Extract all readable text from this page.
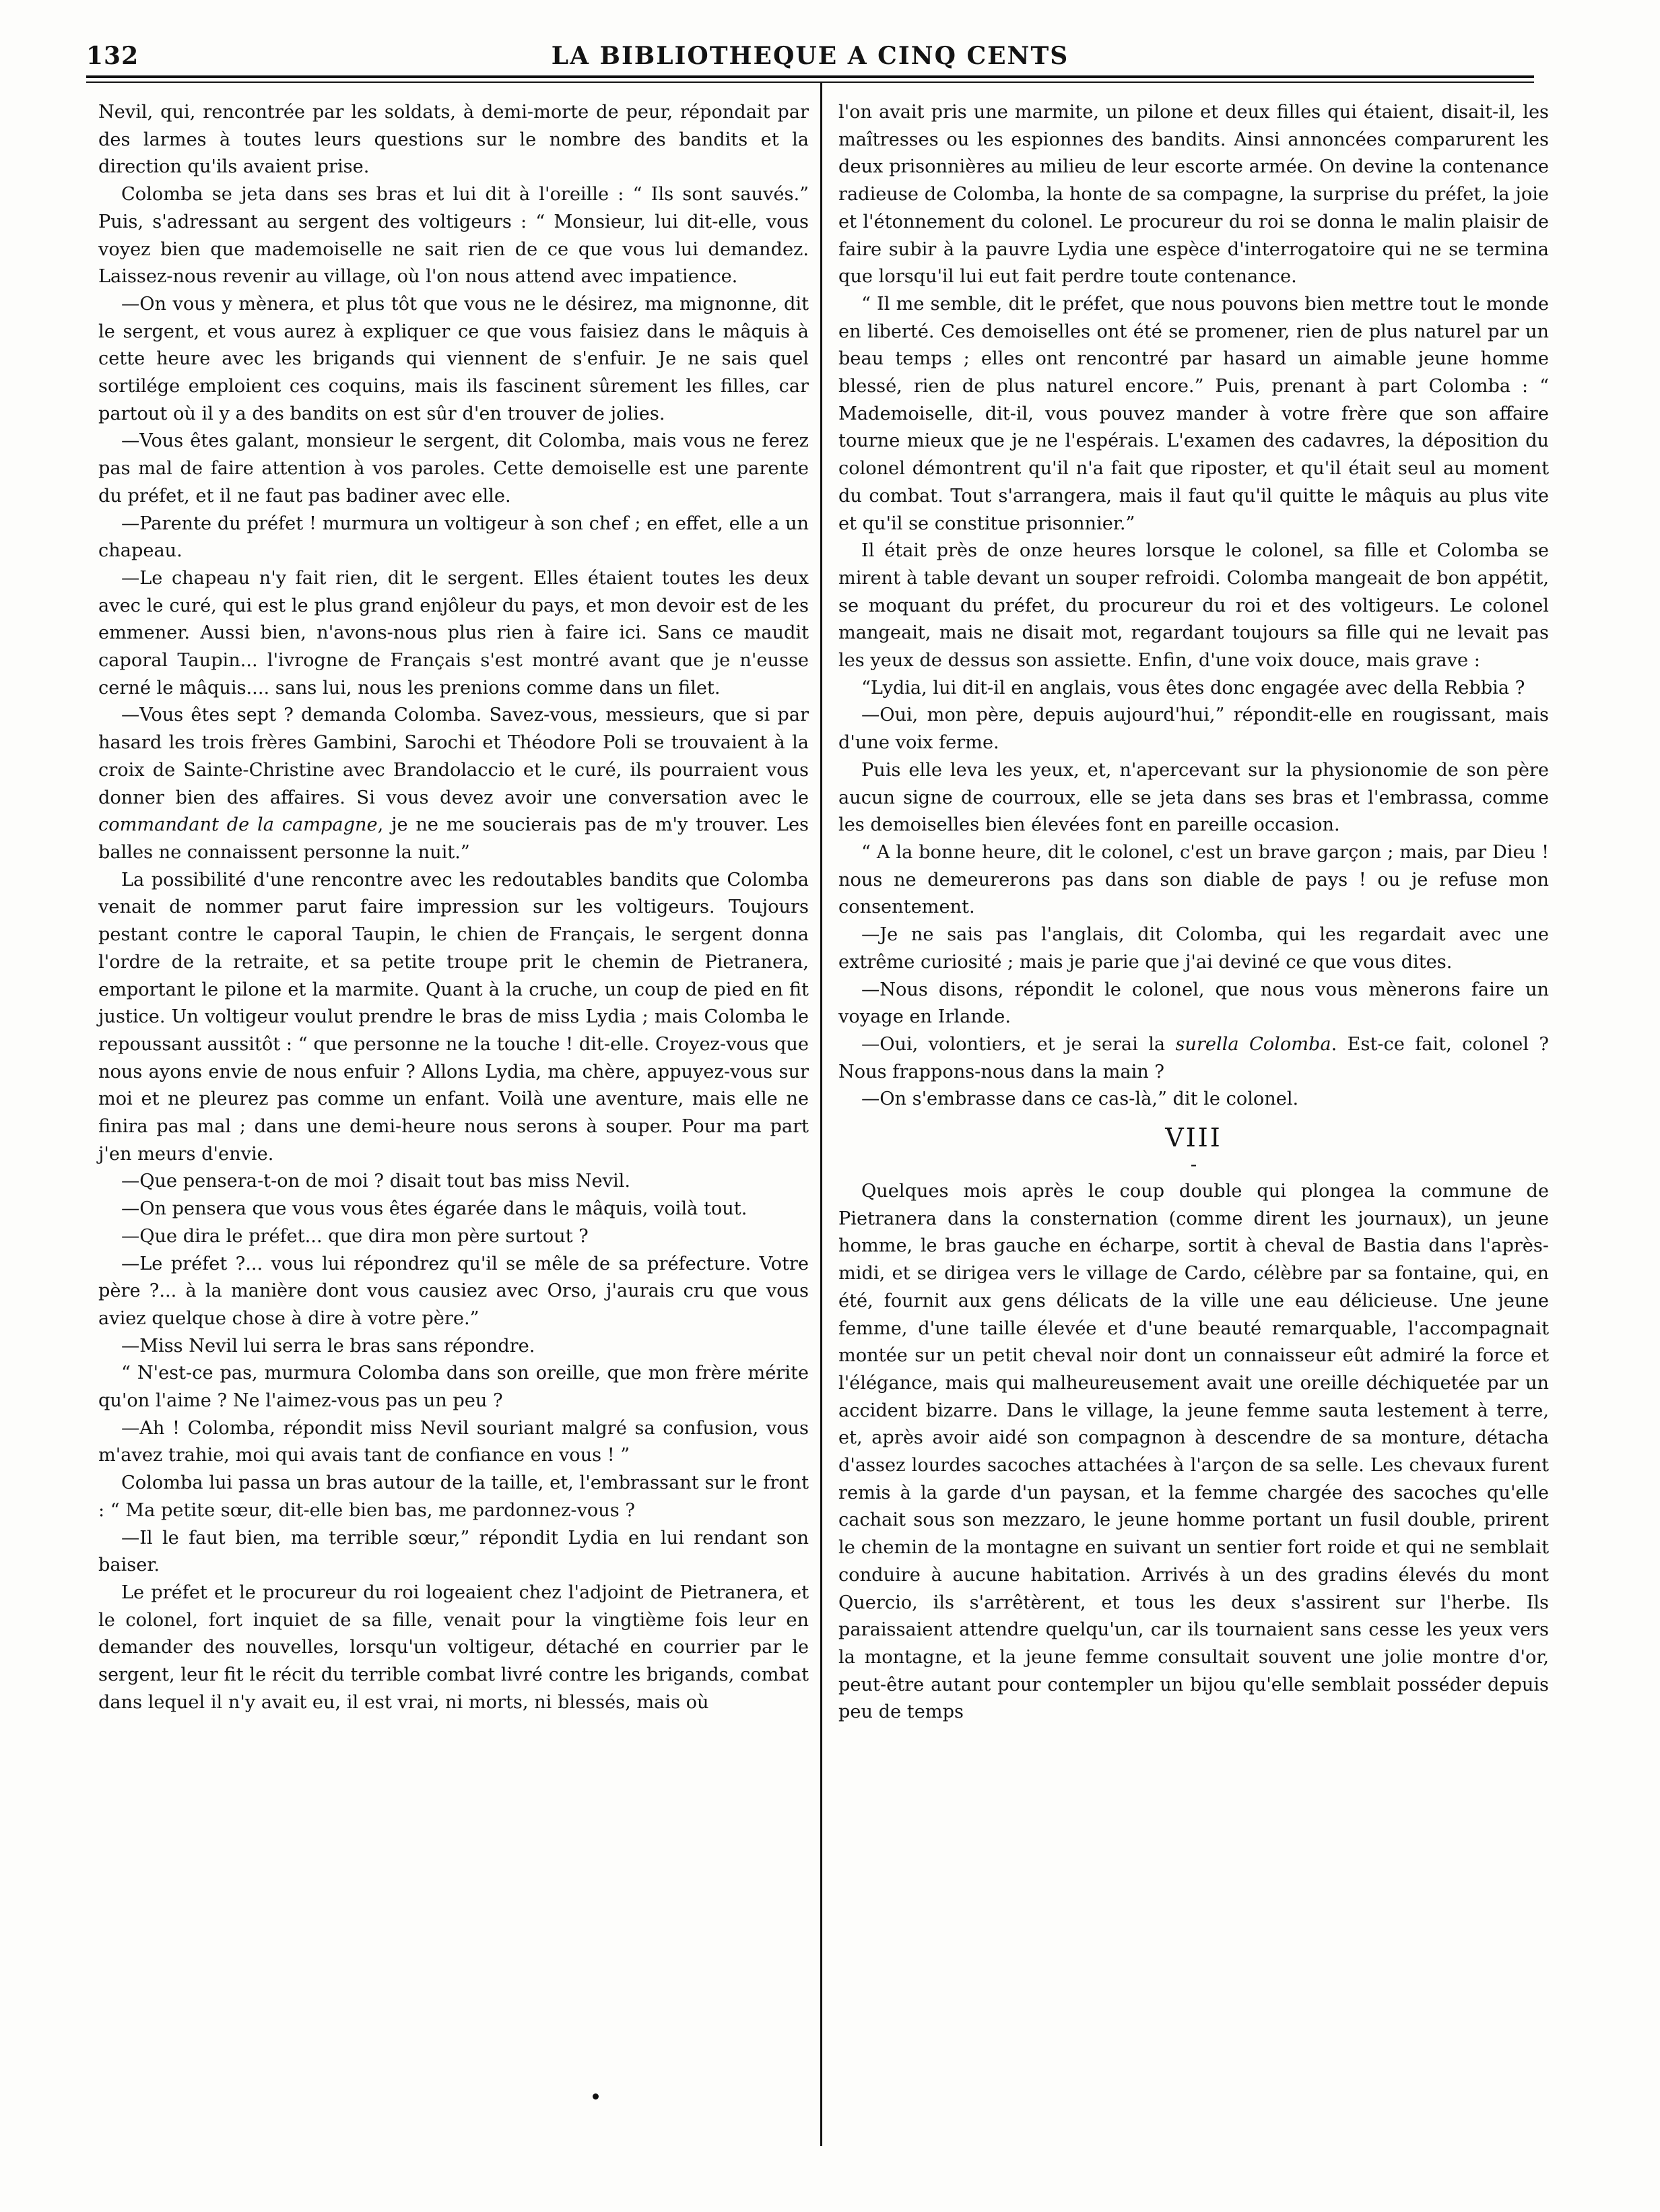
132	LA BIBLIOTHEQUE A CINQ CENTS

Nevil, qui, rencontrée par les soldats, à demi-morte de peur, répondait par des larmes à toutes leurs questions sur le nombre des bandits et la direction qu'ils avaient prise.

Colomba se jeta dans ses bras et lui dit à l'oreille : “ Ils sont sauvés.” Puis, s'adressant au sergent des voltigeurs : “ Monsieur, lui dit-elle, vous voyez bien que mademoiselle ne sait rien de ce que vous lui demandez. Laissez-nous revenir au village, où l'on nous attend avec impatience.

—On vous y mènera, et plus tôt que vous ne le désirez, ma mignonne, dit le sergent, et vous aurez à expliquer ce que vous faisiez dans le mâquis à cette heure avec les brigands qui viennent de s'enfuir. Je ne sais quel sortilége emploient ces coquins, mais ils fascinent sûrement les filles, car partout où il y a des bandits on est sûr d'en trouver de jolies.

—Vous êtes galant, monsieur le sergent, dit Colomba, mais vous ne ferez pas mal de faire attention à vos paroles. Cette demoiselle est une parente du préfet, et il ne faut pas badiner avec elle.

—Parente du préfet ! murmura un voltigeur à son chef ; en effet, elle a un chapeau.

—Le chapeau n'y fait rien, dit le sergent. Elles étaient toutes les deux avec le curé, qui est le plus grand enjôleur du pays, et mon devoir est de les emmener. Aussi bien, n'avons-nous plus rien à faire ici. Sans ce maudit caporal Taupin... l'ivrogne de Français s'est montré avant que je n'eusse cerné le mâquis.... sans lui, nous les prenions comme dans un filet.

—Vous êtes sept ? demanda Colomba. Savez-vous, messieurs, que si par hasard les trois frères Gambini, Sarochi et Théodore Poli se trouvaient à la croix de Sainte-Christine avec Brandolaccio et le curé, ils pourraient vous donner bien des affaires. Si vous devez avoir une conversation avec le commandant de la campagne, je ne me soucierais pas de m'y trouver. Les balles ne connaissent personne la nuit.”

La possibilité d'une rencontre avec les redoutables bandits que Colomba venait de nommer parut faire impression sur les voltigeurs. Toujours pestant contre le caporal Taupin, le chien de Français, le sergent donna l'ordre de la retraite, et sa petite troupe prit le chemin de Pietranera, emportant le pilone et la marmite. Quant à la cruche, un coup de pied en fit justice. Un voltigeur voulut prendre le bras de miss Lydia ; mais Colomba le repoussant aussitôt : “ que personne ne la touche ! dit-elle. Croyez-vous que nous ayons envie de nous enfuir ? Allons Lydia, ma chère, appuyez-vous sur moi et ne pleurez pas comme un enfant. Voilà une aventure, mais elle ne finira pas mal ; dans une demi-heure nous serons à souper. Pour ma part j'en meurs d'envie.

—Que pensera-t-on de moi ? disait tout bas miss Nevil.

—On pensera que vous vous êtes égarée dans le mâquis, voilà tout.

—Que dira le préfet... que dira mon père surtout ?

—Le préfet ?... vous lui répondrez qu'il se mêle de sa préfecture. Votre père ?... à la manière dont vous causiez avec Orso, j'aurais cru que vous aviez quelque chose à dire à votre père.”

—Miss Nevil lui serra le bras sans répondre.

“ N'est-ce pas, murmura Colomba dans son oreille, que mon frère mérite qu'on l'aime ? Ne l'aimez-vous pas un peu ?

—Ah ! Colomba, répondit miss Nevil souriant malgré sa confusion, vous m'avez trahie, moi qui avais tant de confiance en vous ! ”

Colomba lui passa un bras autour de la taille, et, l'embrassant sur le front : “ Ma petite sœur, dit-elle bien bas, me pardonnez-vous ?

—Il le faut bien, ma terrible sœur,” répondit Lydia en lui rendant son baiser.

Le préfet et le procureur du roi logeaient chez l'adjoint de Pietranera, et le colonel, fort inquiet de sa fille, venait pour la vingtième fois leur en demander des nouvelles, lorsqu'un voltigeur, détaché en courrier par le sergent, leur fit le récit du terrible combat livré contre les brigands, combat dans lequel il n'y avait eu, il est vrai, ni morts, ni blessés, mais où

l'on avait pris une marmite, un pilone et deux filles qui étaient, disait-il, les maîtresses ou les espionnes des bandits. Ainsi annoncées comparurent les deux prisonnières au milieu de leur escorte armée. On devine la contenance radieuse de Colomba, la honte de sa compagne, la surprise du préfet, la joie et l'étonnement du colonel. Le procureur du roi se donna le malin plaisir de faire subir à la pauvre Lydia une espèce d'interrogatoire qui ne se termina que lorsqu'il lui eut fait perdre toute contenance.

“ Il me semble, dit le préfet, que nous pouvons bien mettre tout le monde en liberté. Ces demoiselles ont été se promener, rien de plus naturel par un beau temps ; elles ont rencontré par hasard un aimable jeune homme blessé, rien de plus naturel encore.” Puis, prenant à part Colomba : “ Mademoiselle, dit-il, vous pouvez mander à votre frère que son affaire tourne mieux que je ne l'espérais. L'examen des cadavres, la déposition du colonel démontrent qu'il n'a fait que riposter, et qu'il était seul au moment du combat. Tout s'arrangera, mais il faut qu'il quitte le mâquis au plus vite et qu'il se constitue prisonnier.”

Il était près de onze heures lorsque le colonel, sa fille et Colomba se mirent à table devant un souper refroidi. Colomba mangeait de bon appétit, se moquant du préfet, du procureur du roi et des voltigeurs. Le colonel mangeait, mais ne disait mot, regardant toujours sa fille qui ne levait pas les yeux de dessus son assiette. Enfin, d'une voix douce, mais grave :

“Lydia, lui dit-il en anglais, vous êtes donc engagée avec della Rebbia ?

—Oui, mon père, depuis aujourd'hui,” répondit-elle en rougissant, mais d'une voix ferme.

Puis elle leva les yeux, et, n'apercevant sur la physionomie de son père aucun signe de courroux, elle se jeta dans ses bras et l'embrassa, comme les demoiselles bien élevées font en pareille occasion.

“ A la bonne heure, dit le colonel, c'est un brave garçon ; mais, par Dieu ! nous ne demeurerons pas dans son diable de pays ! ou je refuse mon consentement.

—Je ne sais pas l'anglais, dit Colomba, qui les regardait avec une extrême curiosité ; mais je parie que j'ai deviné ce que vous dites.

—Nous disons, répondit le colonel, que nous vous mènerons faire un voyage en Irlande.

—Oui, volontiers, et je serai la surella Colomba. Est-ce fait, colonel ? Nous frappons-nous dans la main ?

—On s'embrasse dans ce cas-là,” dit le colonel.

VIII
-

Quelques mois après le coup double qui plongea la commune de Pietranera dans la consternation (comme dirent les journaux), un jeune homme, le bras gauche en écharpe, sortit à cheval de Bastia dans l'après-midi, et se dirigea vers le village de Cardo, célèbre par sa fontaine, qui, en été, fournit aux gens délicats de la ville une eau délicieuse. Une jeune femme, d'une taille élevée et d'une beauté remarquable, l'accompagnait montée sur un petit cheval noir dont un connaisseur eût admiré la force et l'élégance, mais qui malheureusement avait une oreille déchiquetée par un accident bizarre. Dans le village, la jeune femme sauta lestement à terre, et, après avoir aidé son compagnon à descendre de sa monture, détacha d'assez lourdes sacoches attachées à l'arçon de sa selle. Les chevaux furent remis à la garde d'un paysan, et la femme chargée des sacoches qu'elle cachait sous son mezzaro, le jeune homme portant un fusil double, prirent le chemin de la montagne en suivant un sentier fort roide et qui ne semblait conduire à aucune habitation. Arrivés à un des gradins élevés du mont Quercio, ils s'arrêtèrent, et tous les deux s'assirent sur l'herbe. Ils paraissaient attendre quelqu'un, car ils tournaient sans cesse les yeux vers la montagne, et la jeune femme consultait souvent une jolie montre d'or, peut-être autant pour contempler un bijou qu'elle semblait posséder depuis peu de temps
